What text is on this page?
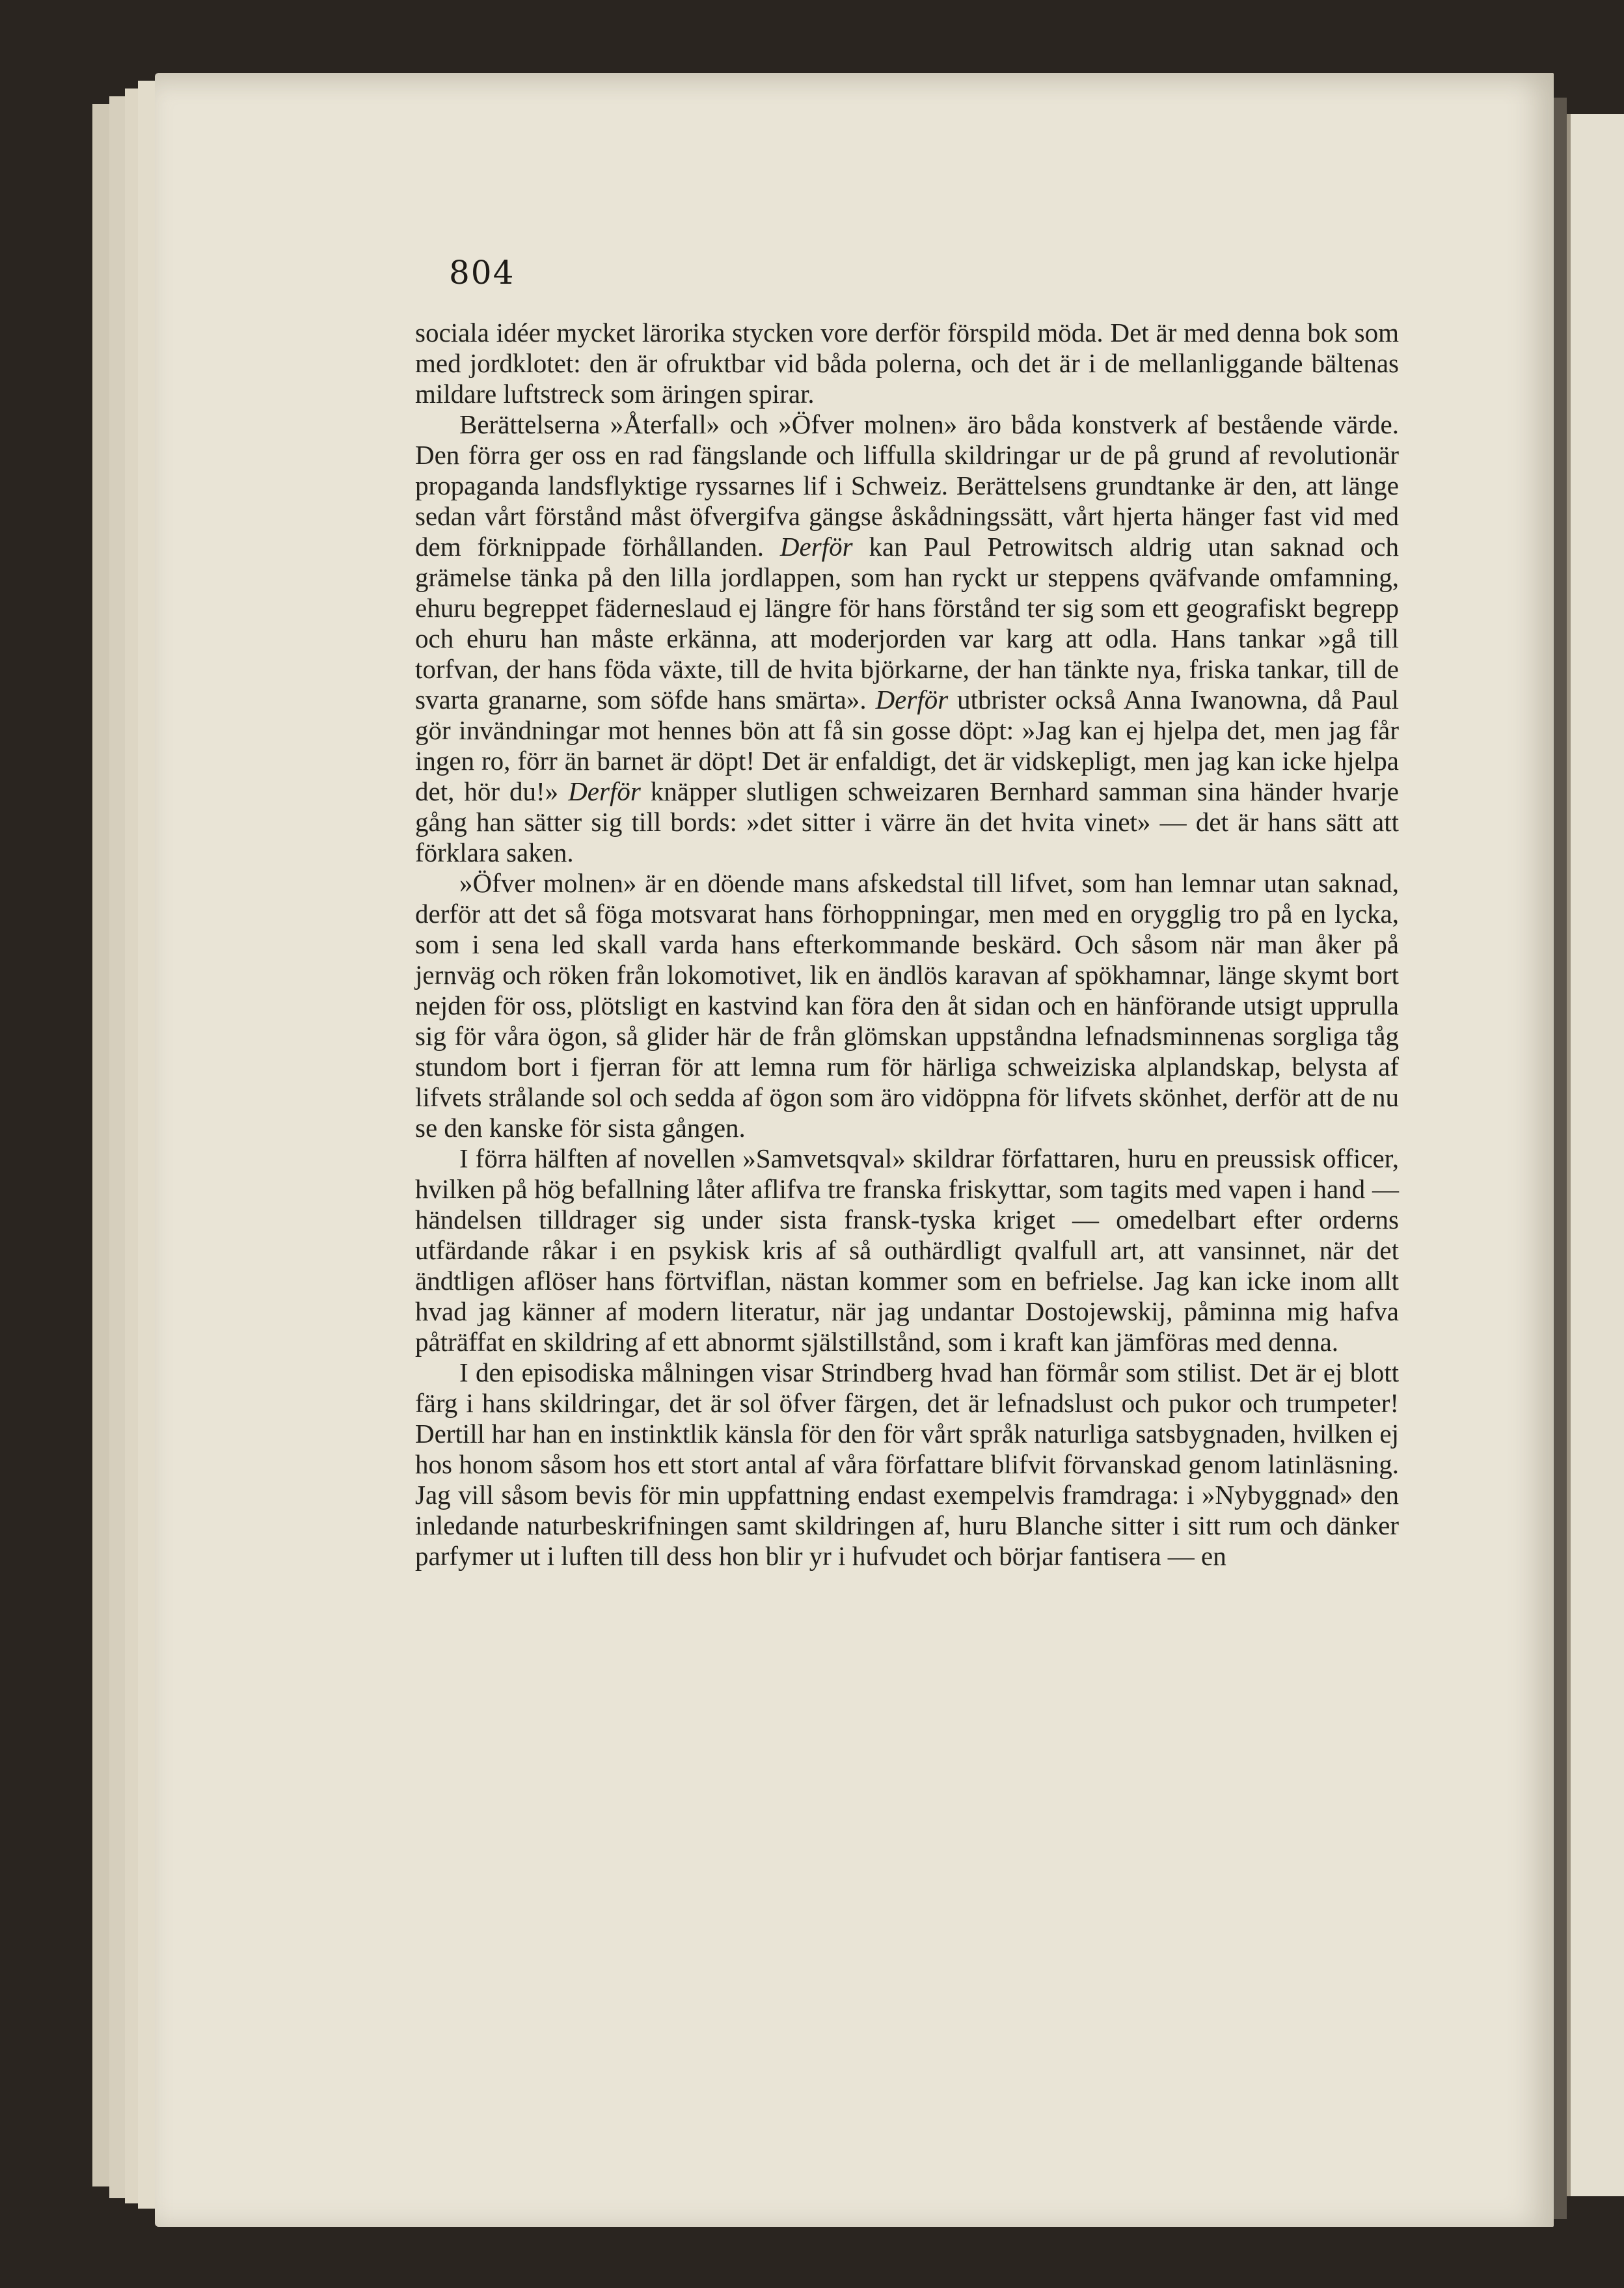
804

sociala idéer mycket lärorika stycken vore derför förspild möda. Det är med denna bok som med jordklotet: den är ofruktbar vid båda polerna, och det är i de mellanliggande bältenas mildare luftstreck som äringen spirar.

Berättelserna »Återfall» och »Öfver molnen» äro båda konstverk af bestående värde. Den förra ger oss en rad fängslande och liffulla skildringar ur de på grund af revolutionär propaganda landsflyktige ryssarnes lif i Schweiz. Berättelsens grundtanke är den, att länge sedan vårt förstånd måst öfvergifva gängse åskådningssätt, vårt hjerta hänger fast vid med dem förknippade förhållanden. Derför kan Paul Petrowitsch aldrig utan saknad och grämelse tänka på den lilla jordlappen, som han ryckt ur steppens qväfvande omfamning, ehuru begreppet fäderneslaud ej längre för hans förstånd ter sig som ett geografiskt begrepp och ehuru han måste erkänna, att moderjorden var karg att odla. Hans tankar »gå till torfvan, der hans föda växte, till de hvita björkarne, der han tänkte nya, friska tankar, till de svarta granarne, som söfde hans smärta». Derför utbrister också Anna Iwanowna, då Paul gör invändningar mot hennes bön att få sin gosse döpt: »Jag kan ej hjelpa det, men jag får ingen ro, förr än barnet är döpt! Det är enfaldigt, det är vidskepligt, men jag kan icke hjelpa det, hör du!» Derför knäpper slutligen schweizaren Bernhard samman sina händer hvarje gång han sätter sig till bords: »det sitter i värre än det hvita vinet» — det är hans sätt att förklara saken.

»Öfver molnen» är en döende mans afskedstal till lifvet, som han lemnar utan saknad, derför att det så föga motsvarat hans förhoppningar, men med en orygglig tro på en lycka, som i sena led skall varda hans efterkommande beskärd. Och såsom när man åker på jernväg och röken från lokomotivet, lik en ändlös karavan af spökhamnar, länge skymt bort nejden för oss, plötsligt en kastvind kan föra den åt sidan och en hänförande utsigt upprulla sig för våra ögon, så glider här de från glömskan uppståndna lefnadsminnenas sorgliga tåg stundom bort i fjerran för att lemna rum för härliga schweiziska alplandskap, belysta af lifvets strålande sol och sedda af ögon som äro vidöppna för lifvets skönhet, derför att de nu se den kanske för sista gången.

I förra hälften af novellen »Samvetsqval» skildrar författaren, huru en preussisk officer, hvilken på hög befallning låter aflifva tre franska friskyttar, som tagits med vapen i hand — händelsen tilldrager sig under sista fransk-tyska kriget — omedelbart efter orderns utfärdande råkar i en psykisk kris af så outhärdligt qvalfull art, att vansinnet, när det ändtligen aflöser hans förtviflan, nästan kommer som en befrielse. Jag kan icke inom allt hvad jag känner af modern literatur, när jag undantar Dostojewskij, påminna mig hafva påträffat en skildring af ett abnormt själstillstånd, som i kraft kan jämföras med denna.

I den episodiska målningen visar Strindberg hvad han förmår som stilist. Det är ej blott färg i hans skildringar, det är sol öfver färgen, det är lefnadslust och pukor och trumpeter! Dertill har han en instinktlik känsla för den för vårt språk naturliga satsbygnaden, hvilken ej hos honom såsom hos ett stort antal af våra författare blifvit förvanskad genom latinläsning. Jag vill såsom bevis för min uppfattning endast exempelvis framdraga: i »Nybyggnad» den inledande naturbeskrifningen samt skildringen af, huru Blanche sitter i sitt rum och dänker parfymer ut i luften till dess hon blir yr i hufvudet och börjar fantisera — en
